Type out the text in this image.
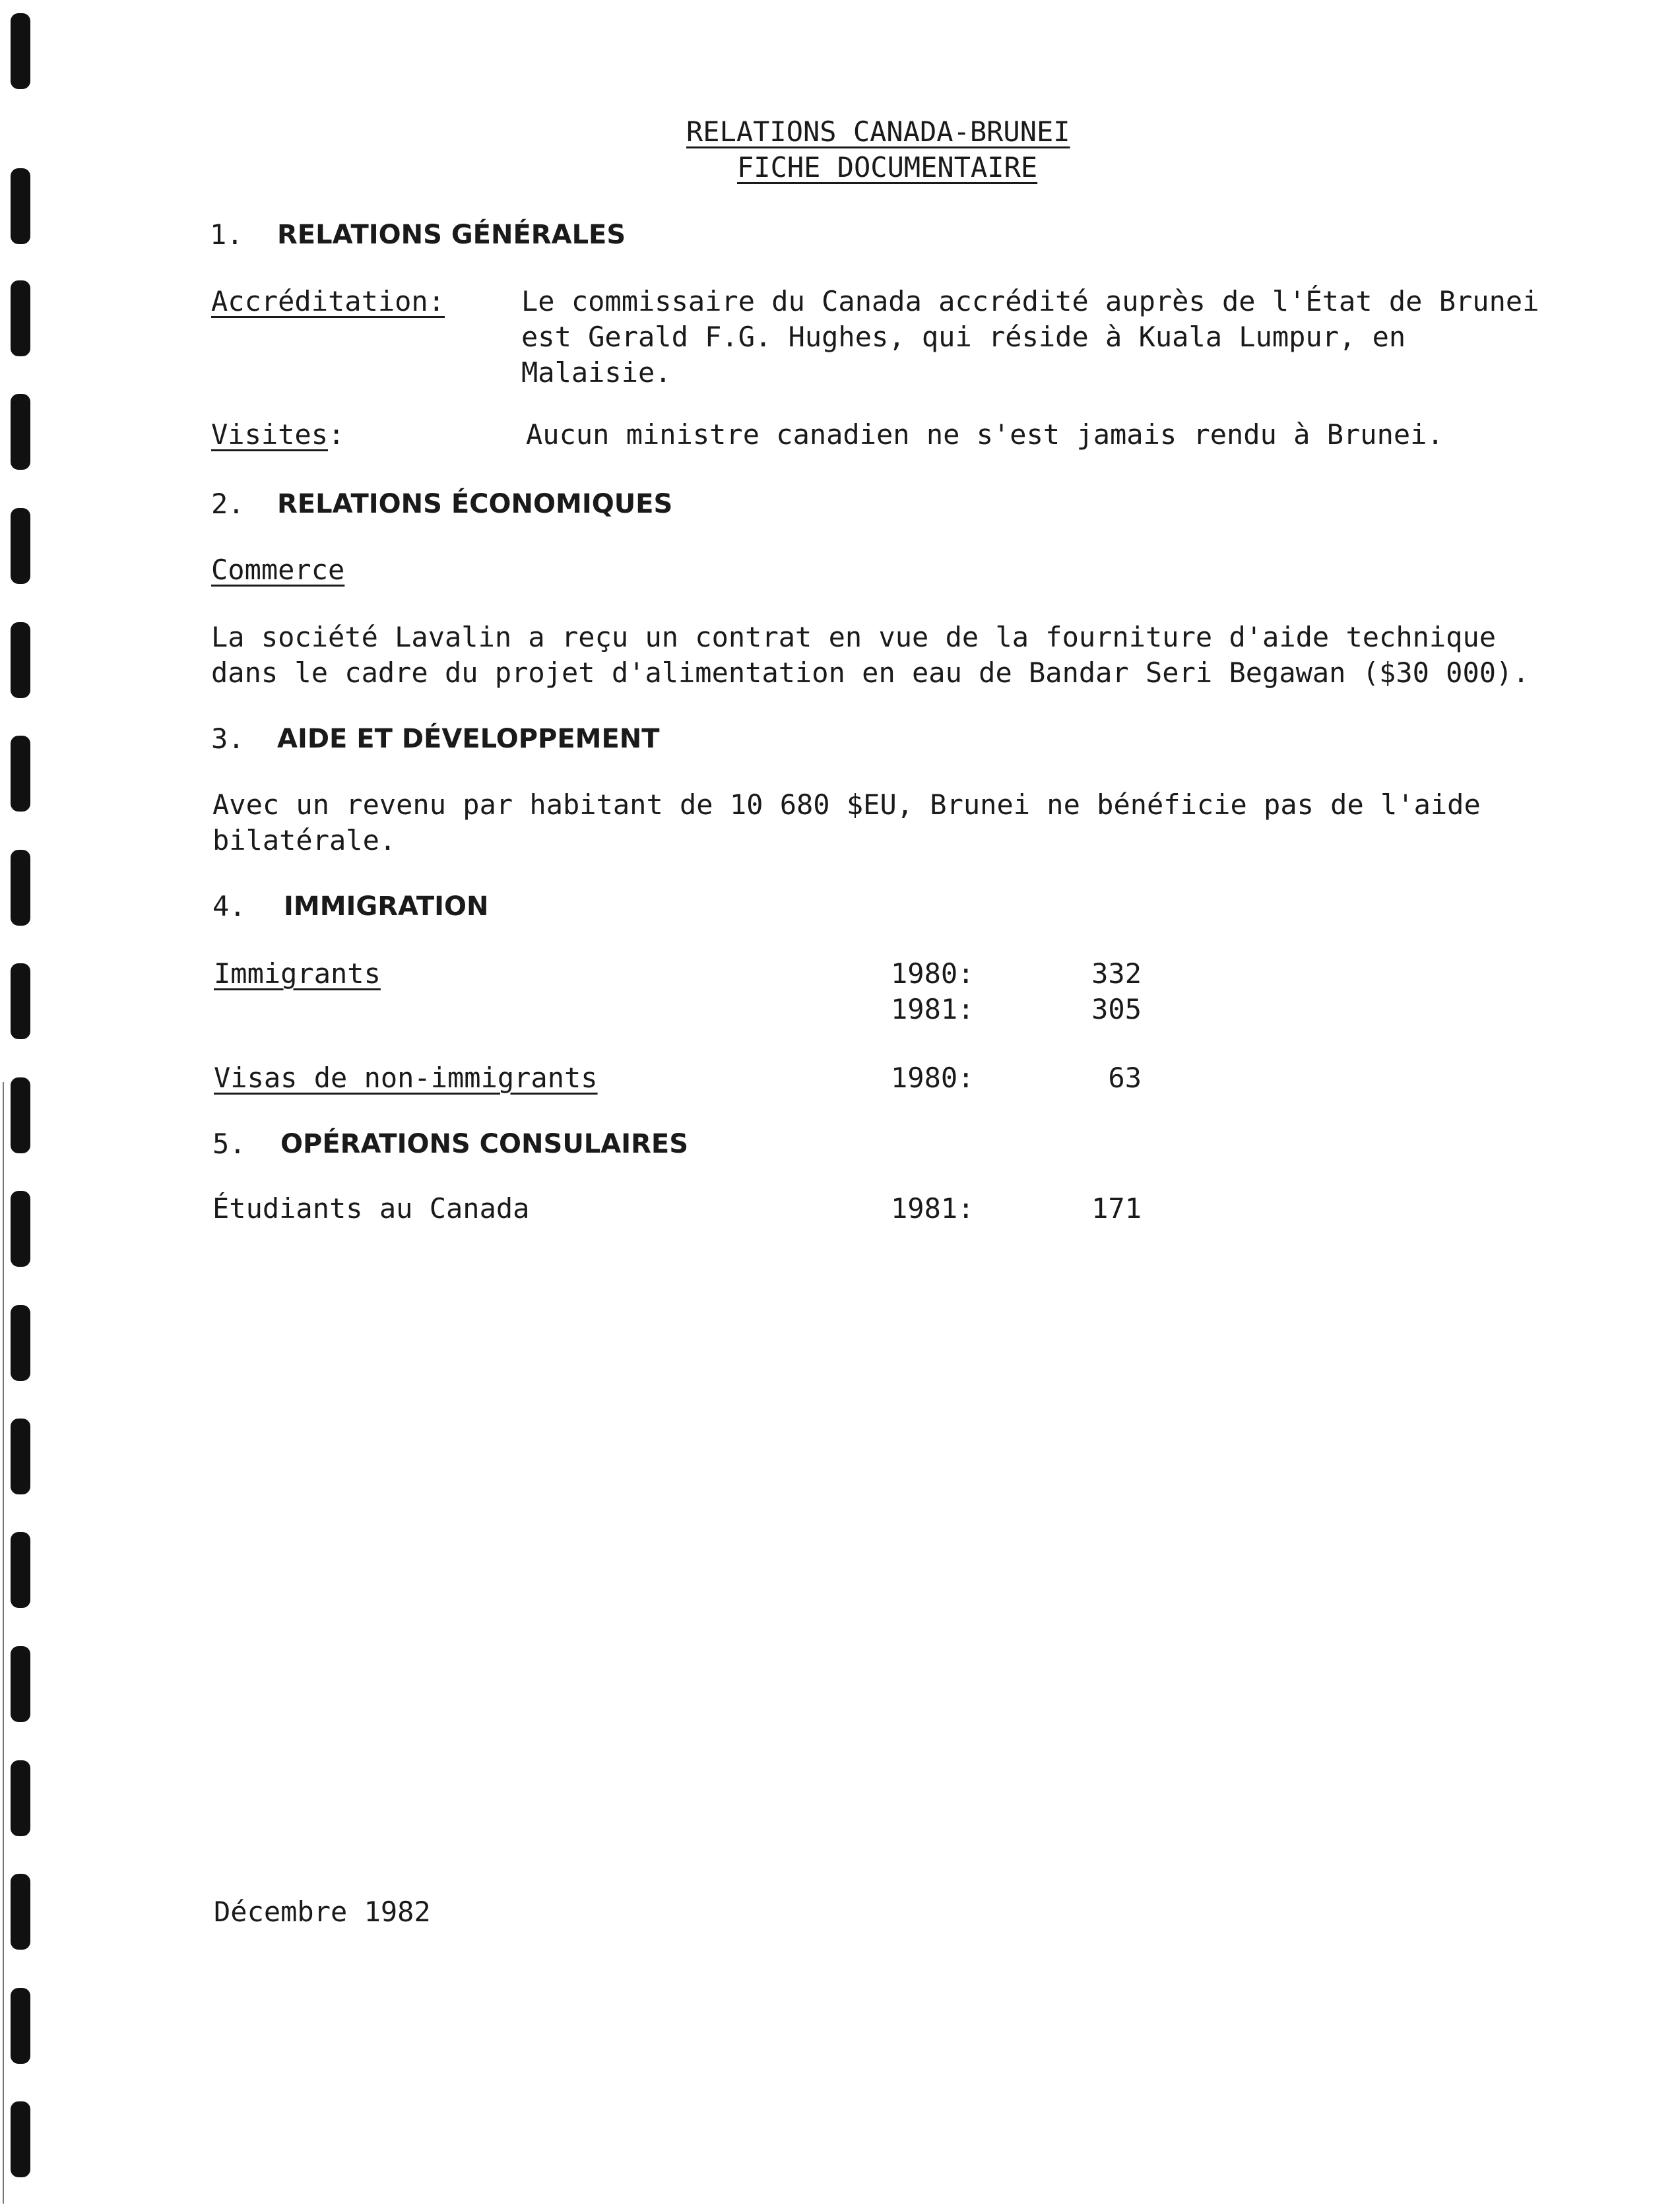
RELATIONS CANADA-BRUNEI
FICHE DOCUMENTAIRE
1. RELATIONS GÉNÉRALES
Accréditation:	Le commissaire du Canada accrédité auprès de l'État de Brunei
est Gerald F.G. Hughes, qui réside à Kuala Lumpur, en
Malaisie.
Visites:	Aucun ministre canadien ne s'est jamais rendu à Brunei.
2. RELATIONS ÉCONOMIQUES
Commerce
La société Lavalin a reçu un contrat en vue de la fourniture d'aide technique
dans le cadre du projet d'alimentation en eau de Bandar Seri Begawan ($30 000).
3. AIDE ET DÉVELOPPEMENT
Avec un revenu par habitant de 10 680 $EU, Brunei ne bénéficie pas de l'aide
bilatérale.
4. IMMIGRATION
Immigrants	1980:	332
1981:	305
Visas de non-immigrants	1980:	63
5. OPÉRATIONS CONSULAIRES
Étudiants au Canada	1981:	171
Décembre 1982
